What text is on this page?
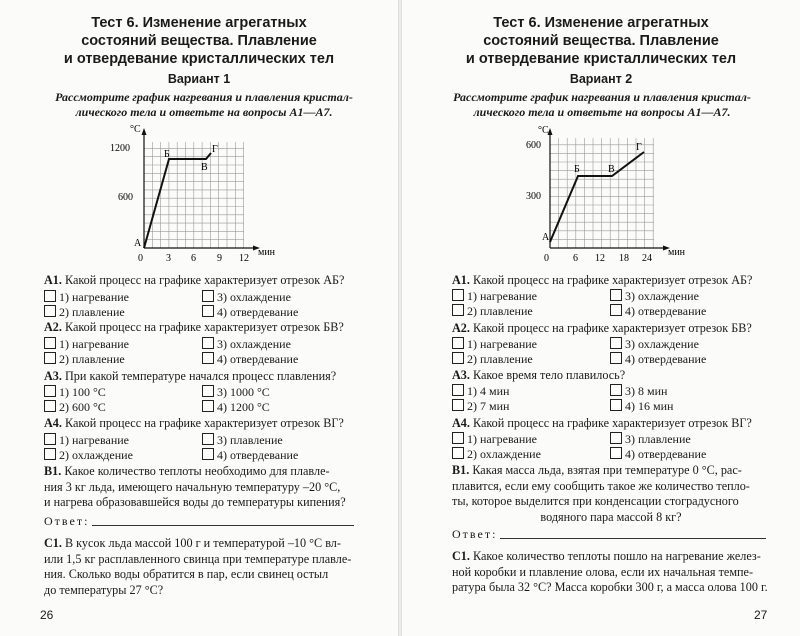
Тест 6. Изменение агрегатных
состояний вещества. Плавление
и отвердевание кристаллических тел
Вариант 1
Рассмотрите график нагревания и плавления кристал-
лического тела и ответьте на вопросы А1—А7.
°C
1200
600
0 3 6 9 12
мин
А
Б
В
Г
А1. Какой процесс на графике характеризует отрезок АБ?
1) нагревание	3) охлаждение
2) плавление	4) отвердевание
А2. Какой процесс на графике характеризует отрезок БВ?
1) нагревание	3) охлаждение
2) плавление	4) отвердевание
А3. При какой температуре начался процесс плавления?
1) 100 °С	3) 1000 °С
2) 600 °С	4) 1200 °С
А4. Какой процесс на графике характеризует отрезок ВГ?
1) нагревание	3) плавление
2) охлаждение	4) отвердевание
В1. Какое количество теплоты необходимо для плавле-
ния 3 кг льда, имеющего начальную температуру –20 °С,
и нагрева образовавшейся воды до температуры кипения?
Ответ:
С1. В кусок льда массой 100 г и температурой –10 °С вл-
или 1,5 кг расплавленного свинца при температуре плавле-
ния. Сколько воды обратится в пар, если свинец остыл
до температуры 27 °С?
26
Тест 6. Изменение агрегатных
состояний вещества. Плавление
и отвердевание кристаллических тел
Вариант 2
Рассмотрите график нагревания и плавления кристал-
лического тела и ответьте на вопросы А1—А7.
°C
600
300
0 6 12 18 24
мин
А
Б	В
Г
А1. Какой процесс на графике характеризует отрезок АБ?
1) нагревание	3) охлаждение
2) плавление	4) отвердевание
А2. Какой процесс на графике характеризует отрезок БВ?
1) нагревание	3) охлаждение
2) плавление	4) отвердевание
А3. Какое время тело плавилось?
1) 4 мин	3) 8 мин
2) 7 мин	4) 16 мин
А4. Какой процесс на графике характеризует отрезок ВГ?
1) нагревание	3) плавление
2) охлаждение	4) отвердевание
В1. Какая масса льда, взятая при температуре 0 °С, рас-
плавится, если ему сообщить такое же количество тепло-
ты, которое выделится при конденсации стоградусного
водяного пара массой 8 кг?
Ответ:
С1. Какое количество теплоты пошло на нагревание желез-
ной коробки и плавление олова, если их начальная темпе-
ратура была 32 °С? Масса коробки 300 г, а масса олова 100 г.
27
